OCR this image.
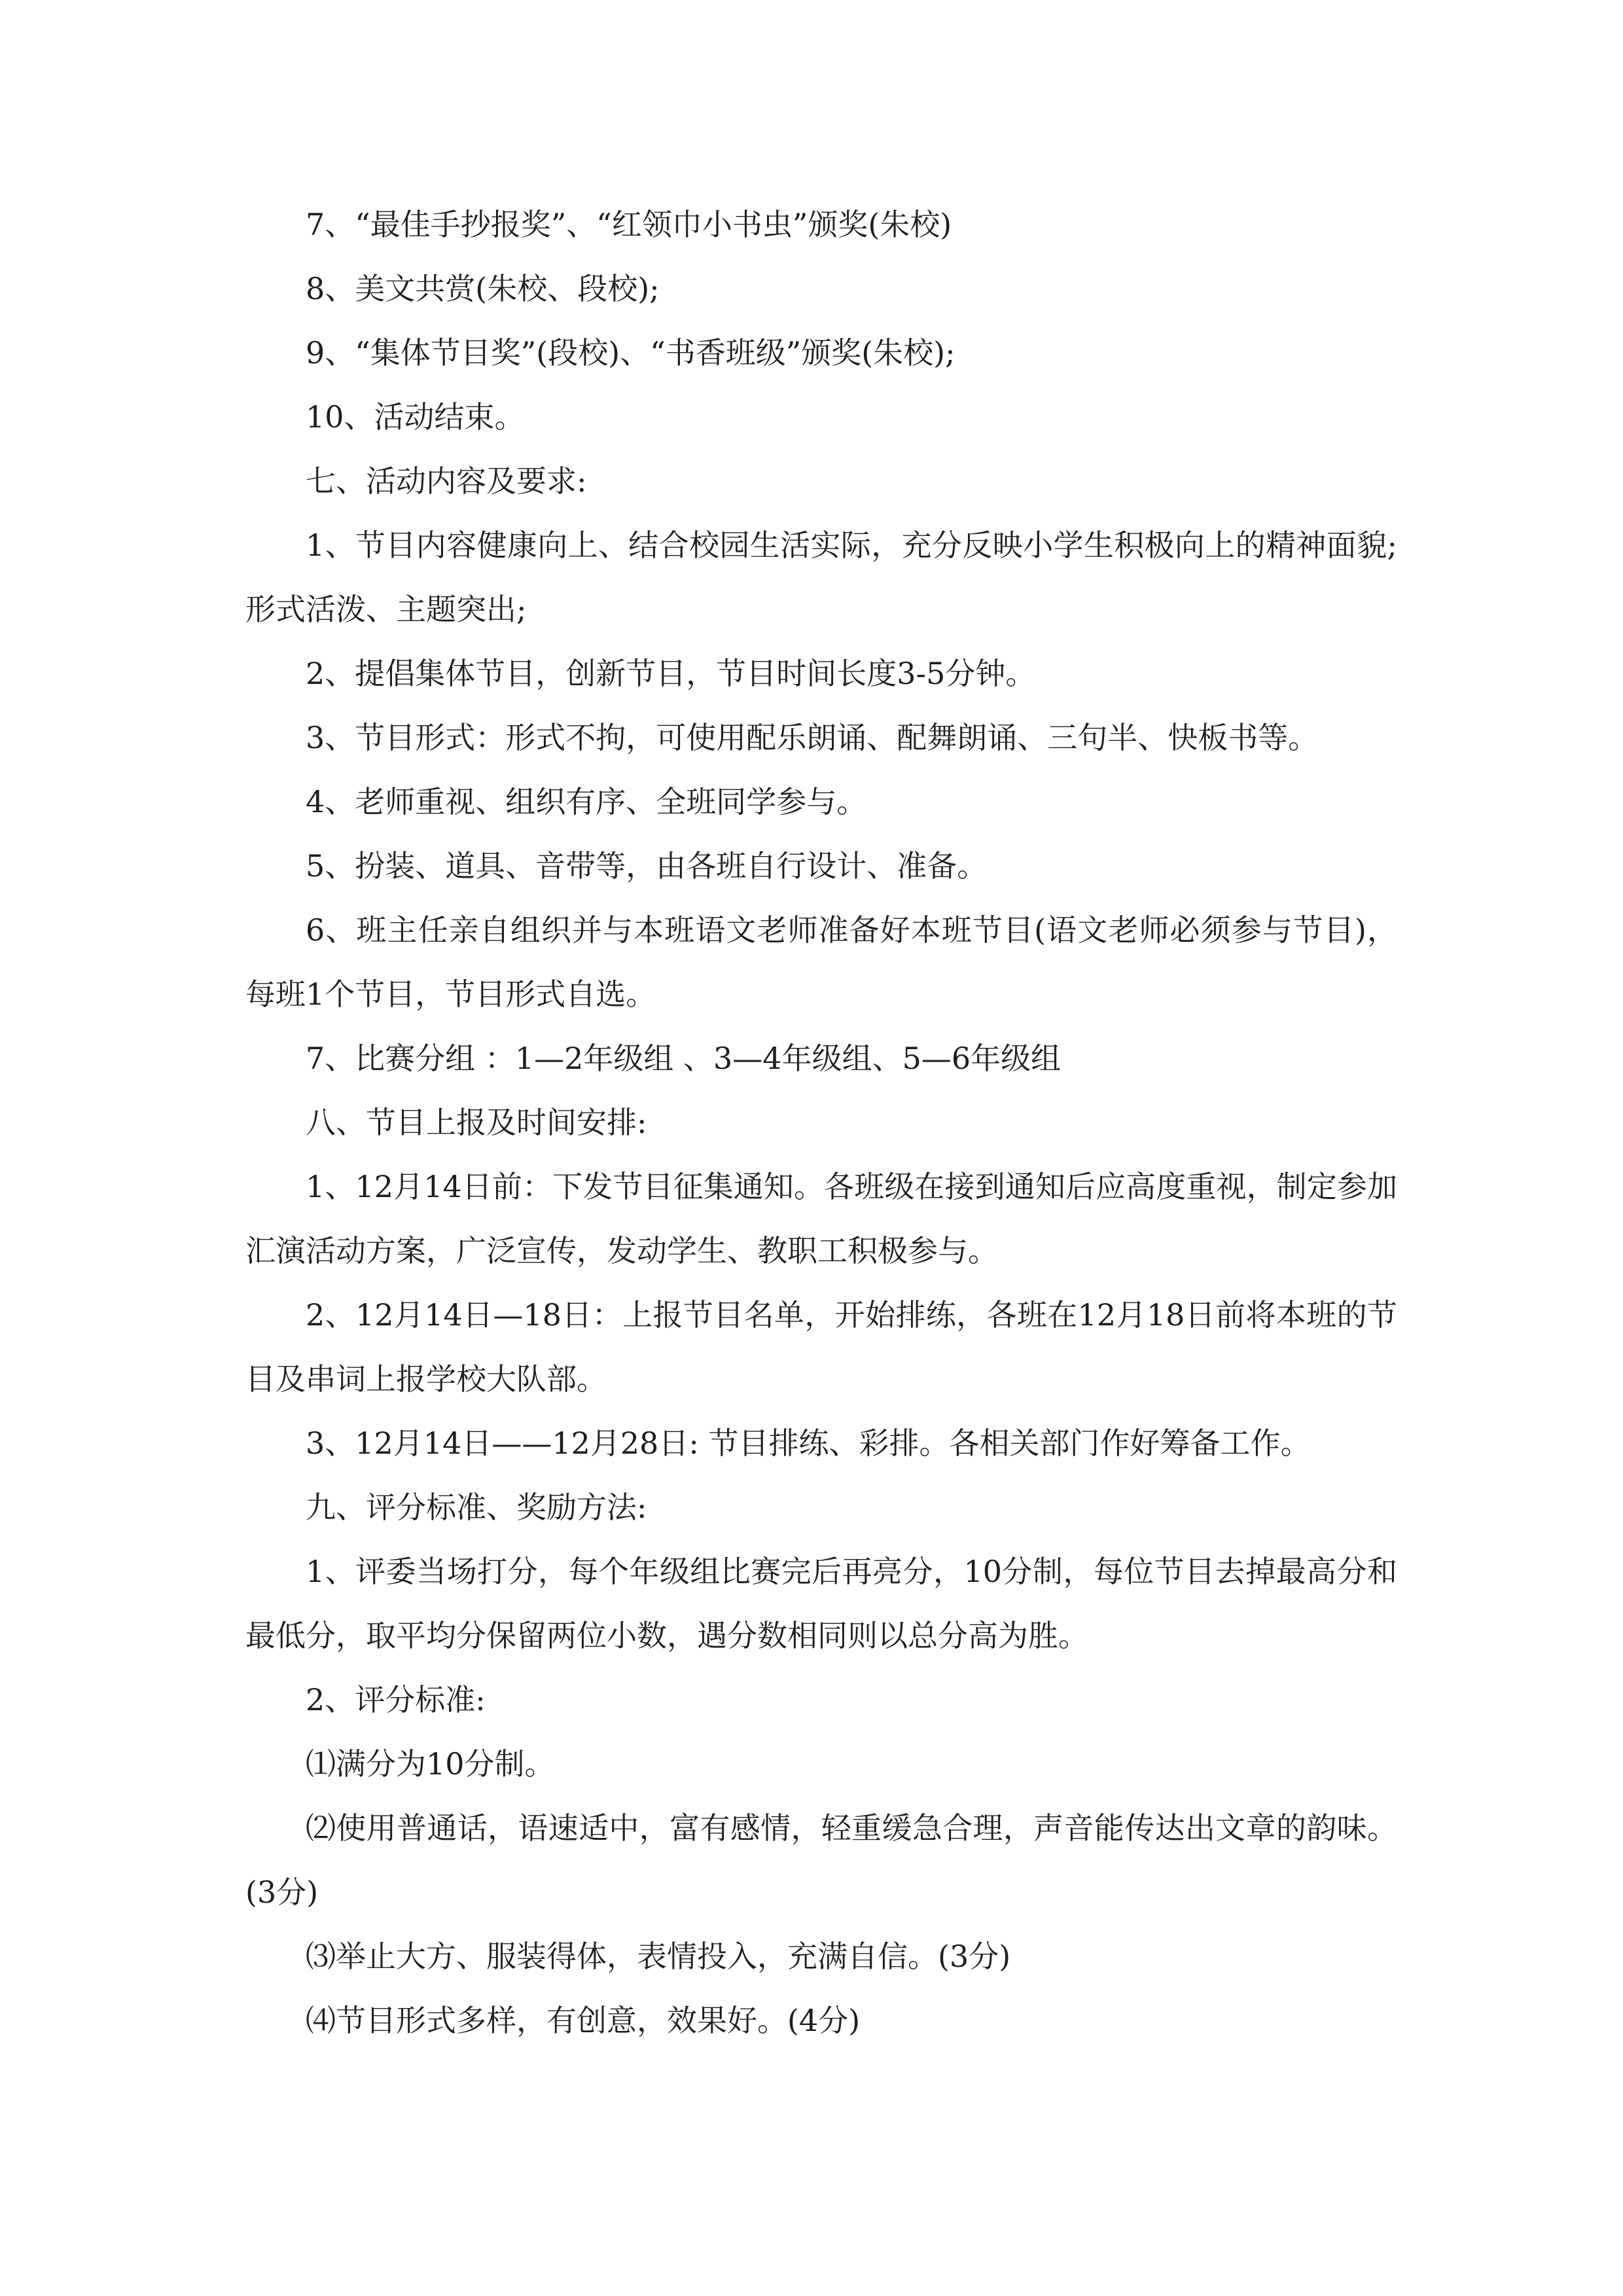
7、“最佳手抄报奖”、“红领巾小书虫”颁奖(朱校)

8、美文共赏(朱校、段校);

9、“集体节目奖”(段校)、“书香班级”颁奖(朱校);

10、活动结束。

七、活动内容及要求:

1、节目内容健康向上、结合校园生活实际，充分反映小学生积极向上的精神面貌;形式活泼、主题突出;

2、提倡集体节目，创新节目，节目时间长度3-5分钟。

3、节目形式：形式不拘，可使用配乐朗诵、配舞朗诵、三句半、快板书等。

4、老师重视、组织有序、全班同学参与。

5、扮装、道具、音带等，由各班自行设计、准备。

6、班主任亲自组织并与本班语文老师准备好本班节目(语文老师必须参与节目)，每班1个节目，节目形式自选。

7、比赛分组 ：1—2年级组 、3—4年级组、5—6年级组

八、节目上报及时间安排:

1、12月14日前：下发节目征集通知。各班级在接到通知后应高度重视，制定参加汇演活动方案，广泛宣传，发动学生、教职工积极参与。

2、12月14日—18日：上报节目名单，开始排练，各班在12月18日前将本班的节目及串词上报学校大队部。

3、12月14日——12月28日: 节目排练、彩排。各相关部门作好筹备工作。

九、评分标准、奖励方法:

1、评委当场打分，每个年级组比赛完后再亮分，10分制，每位节目去掉最高分和最低分，取平均分保留两位小数，遇分数相同则以总分高为胜。

2、评分标准:

⑴满分为10分制。

⑵使用普通话，语速适中，富有感情，轻重缓急合理，声音能传达出文章的韵味。(3分)

⑶举止大方、服装得体，表情投入，充满自信。(3分)

⑷节目形式多样，有创意，效果好。(4分)
